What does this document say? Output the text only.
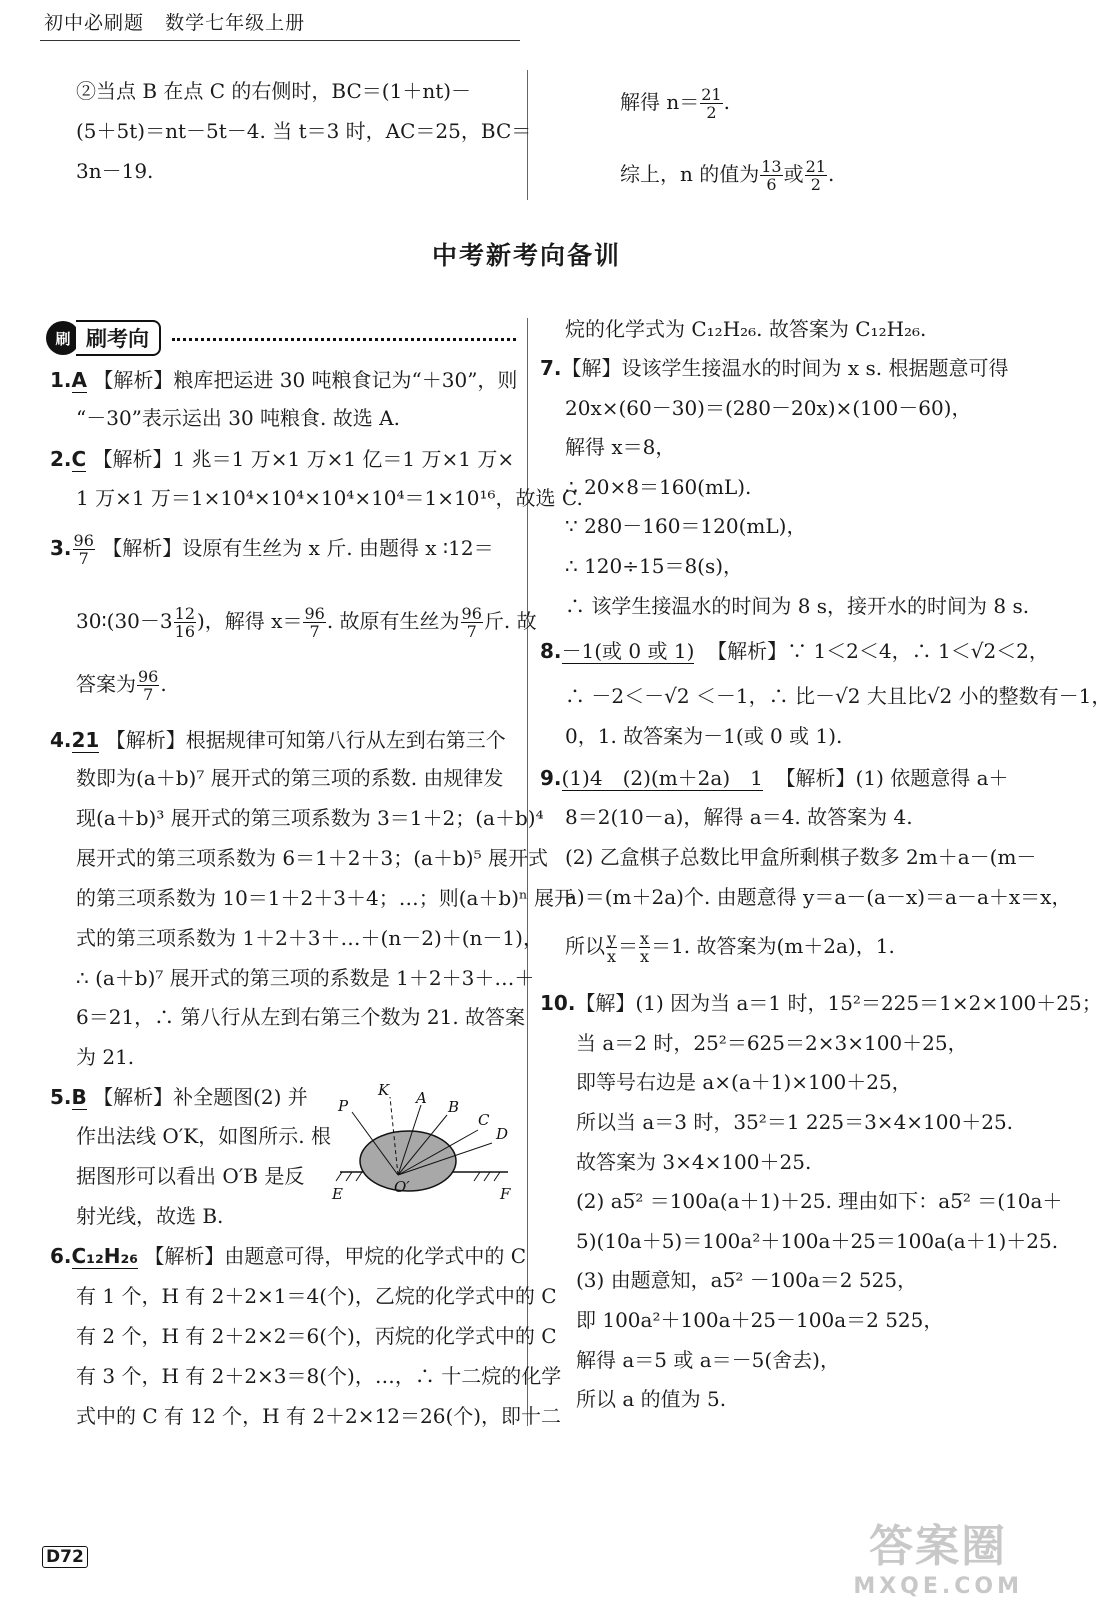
初中必刷题 数学七年级上册
②当点 B 在点 C 的右侧时，BC＝(1＋nt)－
(5＋5t)＝nt－5t－4. 当 t＝3 时，AC＝25，BC＝
3n－19.
解得 $n= \frac{21}{2}$ .
综上，n 的值为 $\frac{13}{6}$ 或 $\frac{21}{2}$ .
中考新考向备训
刷 刷考向
1.A 【解析】粮库把运进 30 吨粮食记为“＋30”，则
“－30”表示运出 30 吨粮食. 故选 A.
2.C 【解析】1 兆＝1 万×1 万×1 亿＝1 万×1 万×
1 万×1 万＝1×10⁴×10⁴×10⁴×10⁴＝1×10¹⁶，故选 C.
3. $\frac{96}{7}$ 【解析】设原有生丝为 x 斤. 由题得 x ∶12＝
30∶(30－3 $\frac{12}{16}$ )，解得 $x= \frac{96}{7}$ . 故原有生丝为 $\frac{96}{7}$ 斤. 故
答案为 $\frac{96}{7}$ .
4.21 【解析】根据规律可知第八行从左到右第三个
数即为(a＋b)⁷ 展开式的第三项的系数. 由规律发
现(a＋b)³ 展开式的第三项系数为 3＝1＋2；(a＋b)⁴
展开式的第三项系数为 6＝1＋2＋3；(a＋b)⁵ 展开式
的第三项系数为 10＝1＋2＋3＋4；…；则(a＋b)ⁿ 展开
式的第三项系数为 1＋2＋3＋…＋(n－2)＋(n－1)，
∴ (a＋b)⁷ 展开式的第三项的系数是 1＋2＋3＋…＋
6＝21，∴ 第八行从左到右第三个数为 21. 故答案
为 21.
5.B 【解析】补全题图(2) 并
作出法线 O′K，如图所示. 根
据图形可以看出 O′B 是反
射光线，故选 B.
P
K A B
C
D
E	F
O′
6.C₁₂H₂₆ 【解析】由题意可得，甲烷的化学式中的 C
有 1 个，H 有 2＋2×1＝4(个)，乙烷的化学式中的 C
有 2 个，H 有 2＋2×2＝6(个)，丙烷的化学式中的 C
有 3 个，H 有 2＋2×3＝8(个)，…，∴ 十二烷的化学
式中的 C 有 12 个，H 有 2＋2×12＝26(个)，即十二
烷的化学式为 C₁₂H₂₆. 故答案为 C₁₂H₂₆.
7.【解】设该学生接温水的时间为 x s. 根据题意可得
20x×(60－30)＝(280－20x)×(100－60)，
解得 x＝8，
∴ 20×8＝160(mL).
∵ 280－160＝120(mL)，
∴ 120÷15＝8(s)，
∴ 该学生接温水的时间为 8 s，接开水的时间为 8 s.
8.－1(或 0 或 1) 【解析】∵ 1＜2＜4，∴ 1＜√2＜2，
∴ －2＜－√2 ＜－1，∴ 比－√2 大且比√2 小的整数有－1，
0，1. 故答案为－1(或 0 或 1).
9.(1)4　(2)(m＋2a)　1 【解析】(1) 依题意得 a＋
8＝2(10－a)，解得 a＝4. 故答案为 4.
(2) 乙盒棋子总数比甲盒所剩棋子数多 2m＋a－(m－
a)＝(m＋2a)个. 由题意得 y＝a－(a－x)＝a－a＋x＝x，
所以 $\frac{y}{x} = \frac{x}{x} =1$. 故答案为(m＋2a)，1.
10.【解】(1) 因为当 a＝1 时，15²＝225＝1×2×100＋25；
当 a＝2 时，25²＝625＝2×3×100＋25，
即等号右边是 a×(a＋1)×100＋25，
所以当 a＝3 时，35²＝1 225＝3×4×100＋25.
故答案为 3×4×100＋25.
(2) a5̅² ＝100a(a＋1)＋25. 理由如下：a5̅² ＝(10a＋
5)(10a＋5)＝100a²＋100a＋25＝100a(a＋1)＋25.
(3) 由题意知，a5̅² －100a＝2 525，
即 100a²＋100a＋25－100a＝2 525，
解得 a＝5 或 a＝－5(舍去)，
所以 a 的值为 5.
D72	答案圈
MXQE.COM
